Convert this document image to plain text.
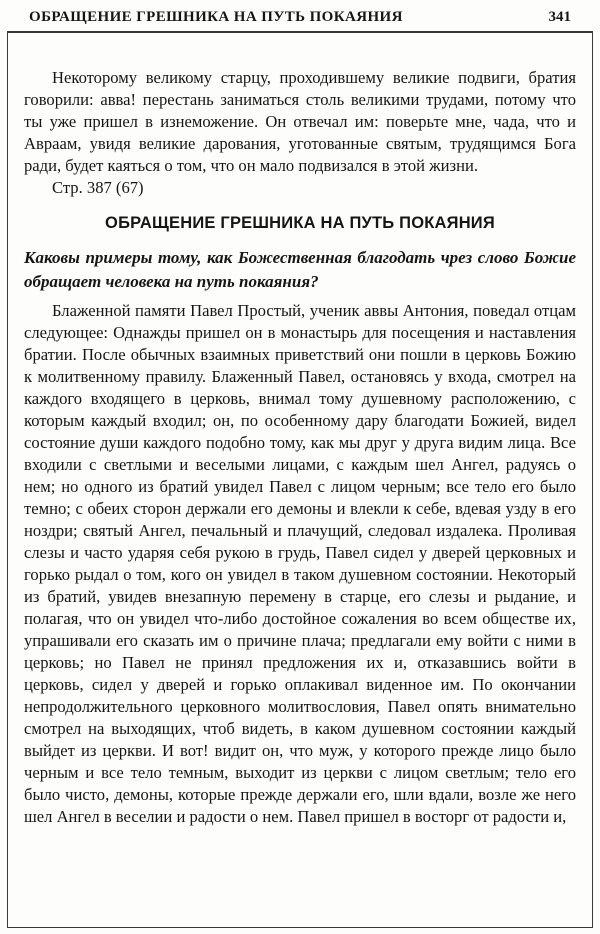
ОБРАЩЕНИЕ ГРЕШНИКА НА ПУТЬ ПОКАЯНИЯ	341

Некоторому великому старцу, проходившему великие подвиги, братия говорили: авва! перестань заниматься столь великими трудами, потому что ты уже пришел в изнеможение. Он отвечал им: поверьте мне, чада, что и Авраам, увидя великие дарования, уготованные святым, трудящимся Бога ради, будет каяться о том, что он мало подвизался в этой жизни.

Стр. 387 (67)

ОБРАЩЕНИЕ ГРЕШНИКА НА ПУТЬ ПОКАЯНИЯ

Каковы примеры тому, как Божественная благодать чрез слово Божие обращает человека на путь покаяния?

Блаженной памяти Павел Простый, ученик аввы Антония, поведал отцам следующее: Однажды пришел он в монастырь для посещения и наставления братии. После обычных взаимных приветствий они пошли в церковь Божию к молитвенному правилу. Блаженный Павел, остановясь у входа, смотрел на каждого входящего в церковь, внимал тому душевному расположению, с которым каждый входил; он, по особенному дару благодати Божией, видел состояние души каждого подобно тому, как мы друг у друга видим лица. Все входили с светлыми и веселыми лицами, с каждым шел Ангел, радуясь о нем; но одного из братий увидел Павел с лицом черным; все тело его было темно; с обеих сторон держали его демоны и влекли к себе, вдевая узду в его ноздри; святый Ангел, печальный и плачущий, следовал издалека. Проливая слезы и часто ударяя себя рукою в грудь, Павел сидел у дверей церковных и горько рыдал о том, кого он увидел в таком душевном состоянии. Некоторый из братий, увидев внезапную перемену в старце, его слезы и рыдание, и полагая, что он увидел что-либо достойное сожаления во всем обществе их, упрашивали его сказать им о причине плача; предлагали ему войти с ними в церковь; но Павел не принял предложения их и, отказавшись войти в церковь, сидел у дверей и горько оплакивал виденное им. По окончании непродолжительного церковного молитвословия, Павел опять внимательно смотрел на выходящих, чтоб видеть, в каком душевном состоянии каждый выйдет из церкви. И вот! видит он, что муж, у которого прежде лицо было черным и все тело темным, выходит из церкви с лицом светлым; тело его было чисто, демоны, которые прежде держали его, шли вдали, возле же него шел Ангел в веселии и радости о нем. Павел пришел в восторг от радости и,
